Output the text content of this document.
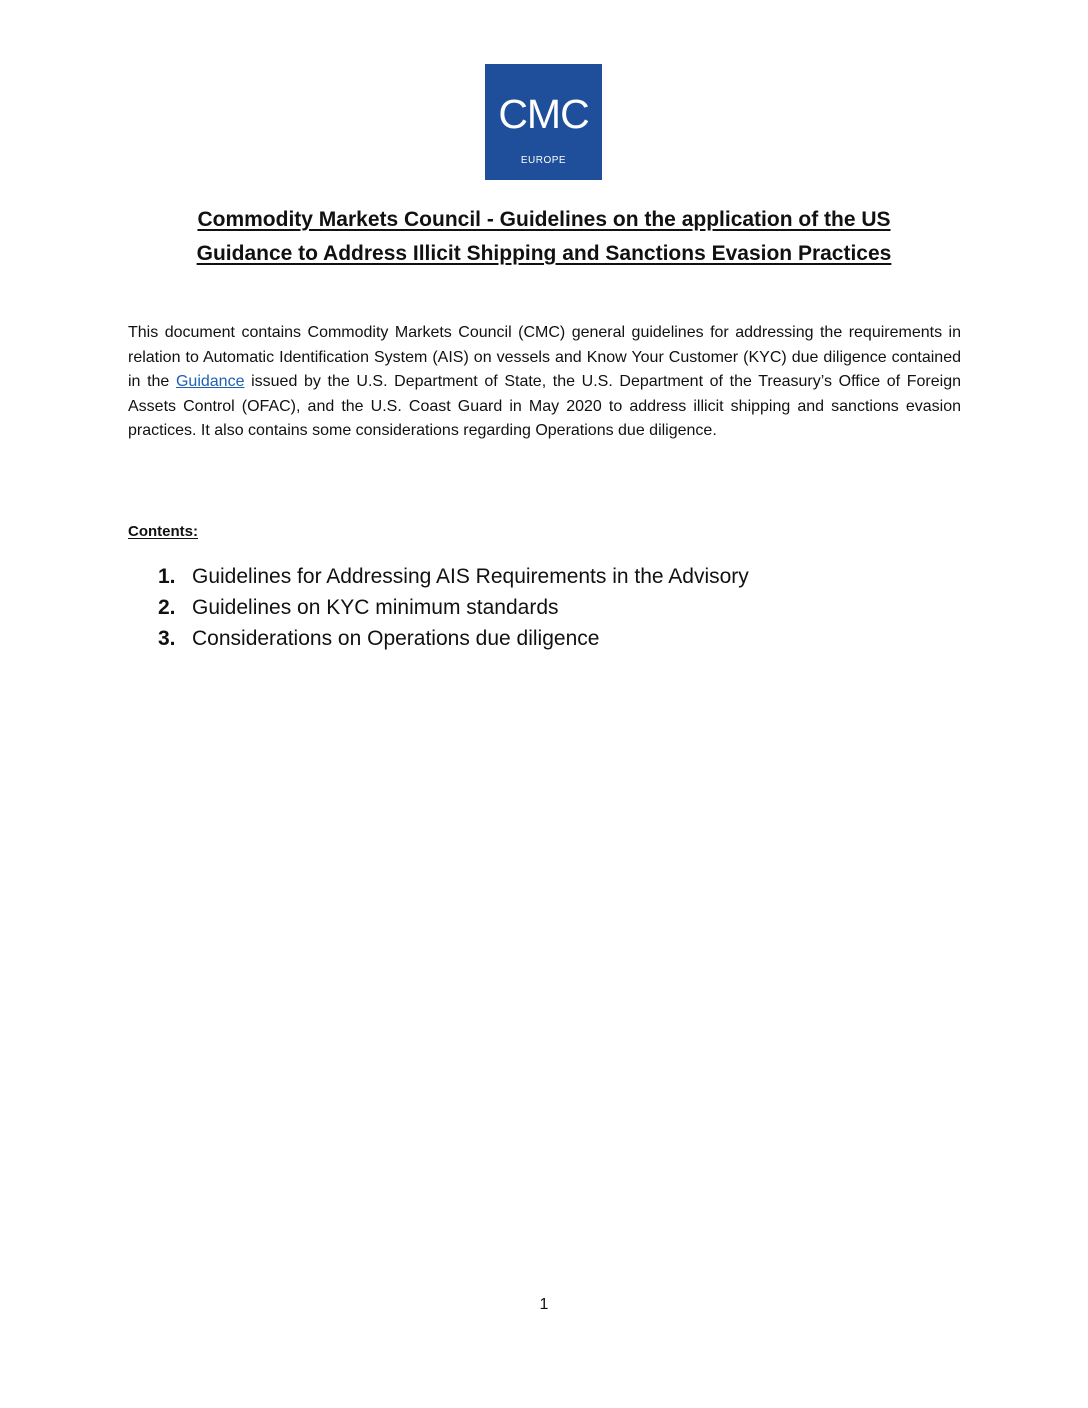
CMC
EUROPE
Commodity Markets Council - Guidelines on the application of the US
Guidance to Address Illicit Shipping and Sanctions Evasion Practices

This document contains Commodity Markets Council (CMC) general guidelines for addressing the requirements in relation to Automatic Identification System (AIS) on vessels and Know Your Customer (KYC) due diligence contained in the Guidance issued by the U.S. Department of State, the U.S. Department of the Treasury’s Office of Foreign Assets Control (OFAC), and the U.S. Coast Guard in May 2020 to address illicit shipping and sanctions evasion practices. It also contains some considerations regarding Operations due diligence.

Contents:
1. Guidelines for Addressing AIS Requirements in the Advisory
2. Guidelines on KYC minimum standards
3. Considerations on Operations due diligence
1
